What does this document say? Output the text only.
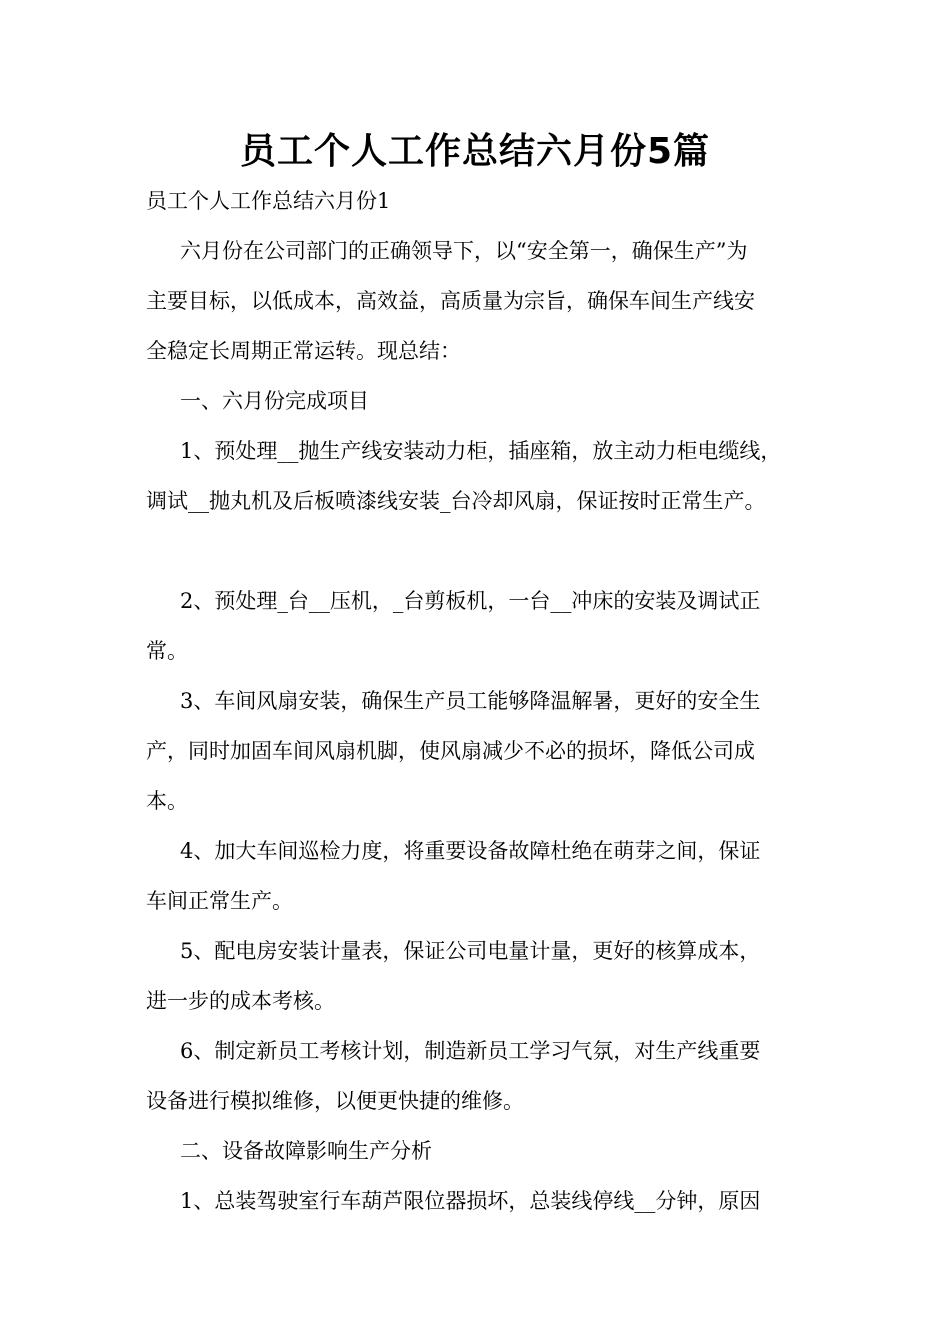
员工个人工作总结六月份5篇
员工个人工作总结六月份1
六月份在公司部门的正确领导下，以“安全第一，确保生产”为
主要目标，以低成本，高效益，高质量为宗旨，确保车间生产线安
全稳定长周期正常运转。现总结：
一、六月份完成项目
1、预处理__抛生产线安装动力柜，插座箱，放主动力柜电缆线，
调试__抛丸机及后板喷漆线安装_台冷却风扇，保证按时正常生产。
2、预处理_台__压机，_台剪板机，一台__冲床的安装及调试正
常。
3、车间风扇安装，确保生产员工能够降温解暑，更好的安全生
产，同时加固车间风扇机脚，使风扇减少不必的损坏，降低公司成
本。
4、加大车间巡检力度，将重要设备故障杜绝在萌芽之间，保证
车间正常生产。
5、配电房安装计量表，保证公司电量计量，更好的核算成本，
进一步的成本考核。
6、制定新员工考核计划，制造新员工学习气氛，对生产线重要
设备进行模拟维修，以便更快捷的维修。
二、设备故障影响生产分析
1、总装驾驶室行车葫芦限位器损坏，总装线停线__分钟，原因
